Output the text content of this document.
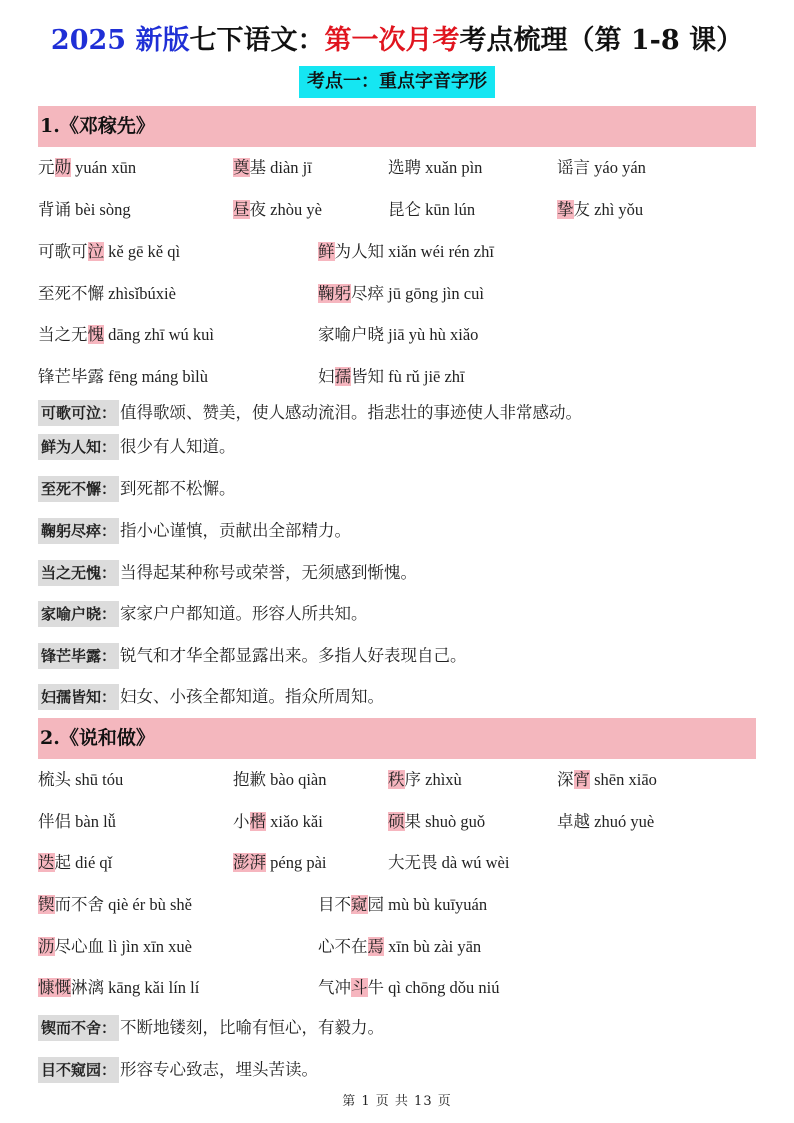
2025 新版七下语文：第一次月考考点梳理（第 1-8 课）
考点一：重点字音字形
1.《邓稼先》
元勋 yuán xūn	奠基 diàn jī	选聘 xuǎn pìn	谣言 yáo yán
背诵 bèi sòng	昼夜 zhòu yè	昆仑 kūn lún	挚友 zhì yǒu
可歌可泣 kě gē kě qì	鲜为人知 xiǎn wéi rén zhī
至死不懈 zhìsǐbúxiè	鞠躬尽瘁 jū gōng jìn cuì
当之无愧 dāng zhī wú kuì	家喻户晓 jiā yù hù xiǎo
锋芒毕露 fēng máng bìlù	妇孺皆知 fù rǔ jiē zhī
可歌可泣： 值得歌颂、赞美，使人感动流泪。指悲壮的事迹使人非常感动。
鲜为人知： 很少有人知道。
至死不懈： 到死都不松懈。
鞠躬尽瘁： 指小心谨慎，贡献出全部精力。
当之无愧： 当得起某种称号或荣誉，无须感到惭愧。
家喻户晓： 家家户户都知道。形容人所共知。
锋芒毕露： 锐气和才华全都显露出来。多指人好表现自己。
妇孺皆知： 妇女、小孩全都知道。指众所周知。
2.《说和做》
梳头 shū tóu	抱歉 bào qiàn	秩序 zhìxù	深宵 shēn xiāo
伴侣 bàn lǚ	小楷 xiǎo kǎi	硕果 shuò guǒ	卓越 zhuó yuè
迭起 dié qǐ	澎湃 péng pài	大无畏 dà wú wèi
锲而不舍 qiè ér bù shě	目不窥园 mù bù kuīyuán
沥尽心血 lì jìn xīn xuè	心不在焉 xīn bù zài yān
慷慨淋漓 kāng kǎi lín lí	气冲斗牛 qì chōng dǒu niú
锲而不舍： 不断地镂刻，比喻有恒心，有毅力。
目不窥园： 形容专心致志，埋头苦读。
第 1 页 共 13 页
